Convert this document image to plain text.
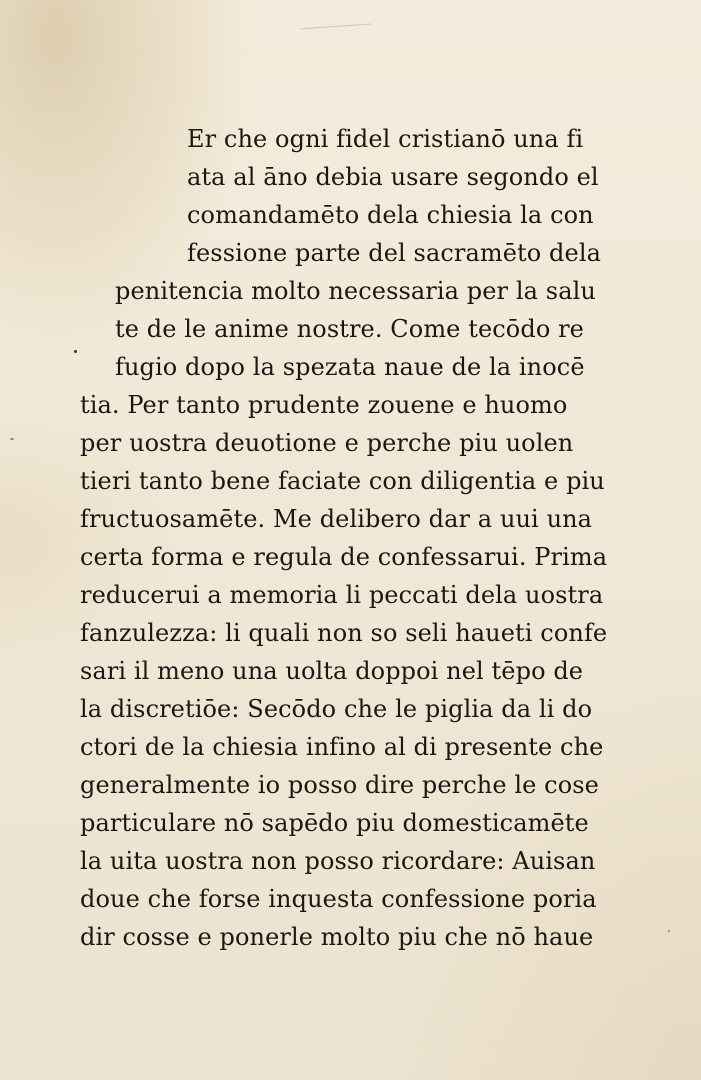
Er che ogni fidel cristianō una fi
ata al āno debia usare segondo el
comandamēto dela chiesia la con
fessione parte del sacramēto dela
penitencia molto necessaria per la salu
te de le anime nostre. Come tecōdo re
fugio dopo la spezata naue de la inocē
tia. Per tanto prudente zouene e huomo
per uostra deuotione e perche piu uolen
tieri tanto bene faciate con diligentia e piu
fructuosamēte. Me delibero dar a uui una
certa forma e regula de confessarui. Prima
reducerui a memoria li peccati dela uostra
fanzulezza: li quali non so seli haueti confe
sari il meno una uolta doppoi nel tēpo de
la discretiōe: Secōdo che le piglia da li do
ctori de la chiesia infino al di presente che
generalmente io posso dire perche le cose
particulare nō sapēdo piu domesticamēte
la uita uostra non posso ricordare: Auisan
doue che forse inquesta confessione poria
dir cosse e ponerle molto piu che nō haue
